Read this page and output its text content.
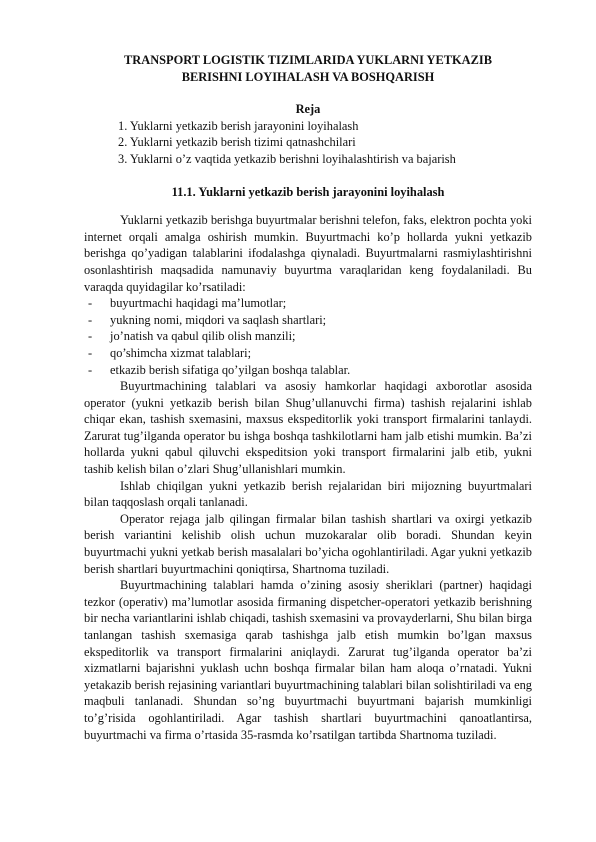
TRANSPORT LOGISTIK TIZIMLARIDA YUKLARNI YETKAZIB
BERISHNI LOYIHALASH VA BOSHQARISH
Reja
1. Yuklarni yetkazib berish jarayonini loyihalash
2. Yuklarni yetkazib berish tizimi qatnashchilari
3. Yuklarni o’z vaqtida yetkazib berishni loyihalashtirish va bajarish
11.1. Yuklarni yetkazib berish jarayonini loyihalash

Yuklarni yetkazib berishga buyurtmalar berishni telefon, faks, elektron pochta yoki internet orqali amalga oshirish mumkin. Buyurtmachi ko’p hollarda yukni yetkazib berishga qo’yadigan talablarini ifodalashga qiynaladi. Buyurtmalarni rasmiylashtirishni osonlashtirish maqsadida namunaviy buyurtma varaqlaridan keng foydalaniladi. Bu varaqda quyidagilar ko’rsatiladi:

- buyurtmachi haqidagi ma’lumotlar;
- yukning nomi, miqdori va saqlash shartlari;
- jo’natish va qabul qilib olish manzili;
- qo’shimcha xizmat talablari;
- etkazib berish sifatiga qo’yilgan boshqa talablar.

Buyurtmachining talablari va asosiy hamkorlar haqidagi axborotlar asosida operator (yukni yetkazib berish bilan Shug’ullanuvchi firma) tashish rejalarini ishlab chiqar ekan, tashish sxemasini, maxsus ekspeditorlik yoki transport firmalarini tanlaydi. Zarurat tug’ilganda operator bu ishga boshqa tashkilotlarni ham jalb etishi mumkin. Ba’zi hollarda yukni qabul qiluvchi ekspeditsion yoki transport firmalarini jalb etib, yukni tashib kelish bilan o’zlari Shug’ullanishlari mumkin.

Ishlab chiqilgan yukni yetkazib berish rejalaridan biri mijozning buyurtmalari bilan taqqoslash orqali tanlanadi.

Operator rejaga jalb qilingan firmalar bilan tashish shartlari va oxirgi yetkazib berish variantini kelishib olish uchun muzokaralar olib boradi. Shundan keyin buyurtmachi yukni yetkab berish masalalari bo’yicha ogohlantiriladi. Agar yukni yetkazib berish shartlari buyurtmachini qoniqtirsa, Shartnoma tuziladi.

Buyurtmachining talablari hamda o’zining asosiy sheriklari (partner) haqidagi tezkor (operativ) ma’lumotlar asosida firmaning dispetcher-operatori yetkazib berishning bir necha variantlarini ishlab chiqadi, tashish sxemasini va provayderlarni, Shu bilan birga tanlangan tashish sxemasiga qarab tashishga jalb etish mumkin bo’lgan maxsus ekspeditorlik va transport firmalarini aniqlaydi. Zarurat tug’ilganda operator ba’zi xizmatlarni bajarishni yuklash uchn boshqa firmalar bilan ham aloqa o’rnatadi. Yukni yetakazib berish rejasining variantlari buyurtmachining talablari bilan solishtiriladi va eng maqbuli tanlanadi. Shundan so’ng buyurtmachi buyurtmani bajarish mumkinligi to’g’risida ogohlantiriladi. Agar tashish shartlari buyurtmachini qanoatlantirsa, buyurtmachi va firma o’rtasida 35-rasmda ko’rsatilgan tartibda Shartnoma tuziladi.
